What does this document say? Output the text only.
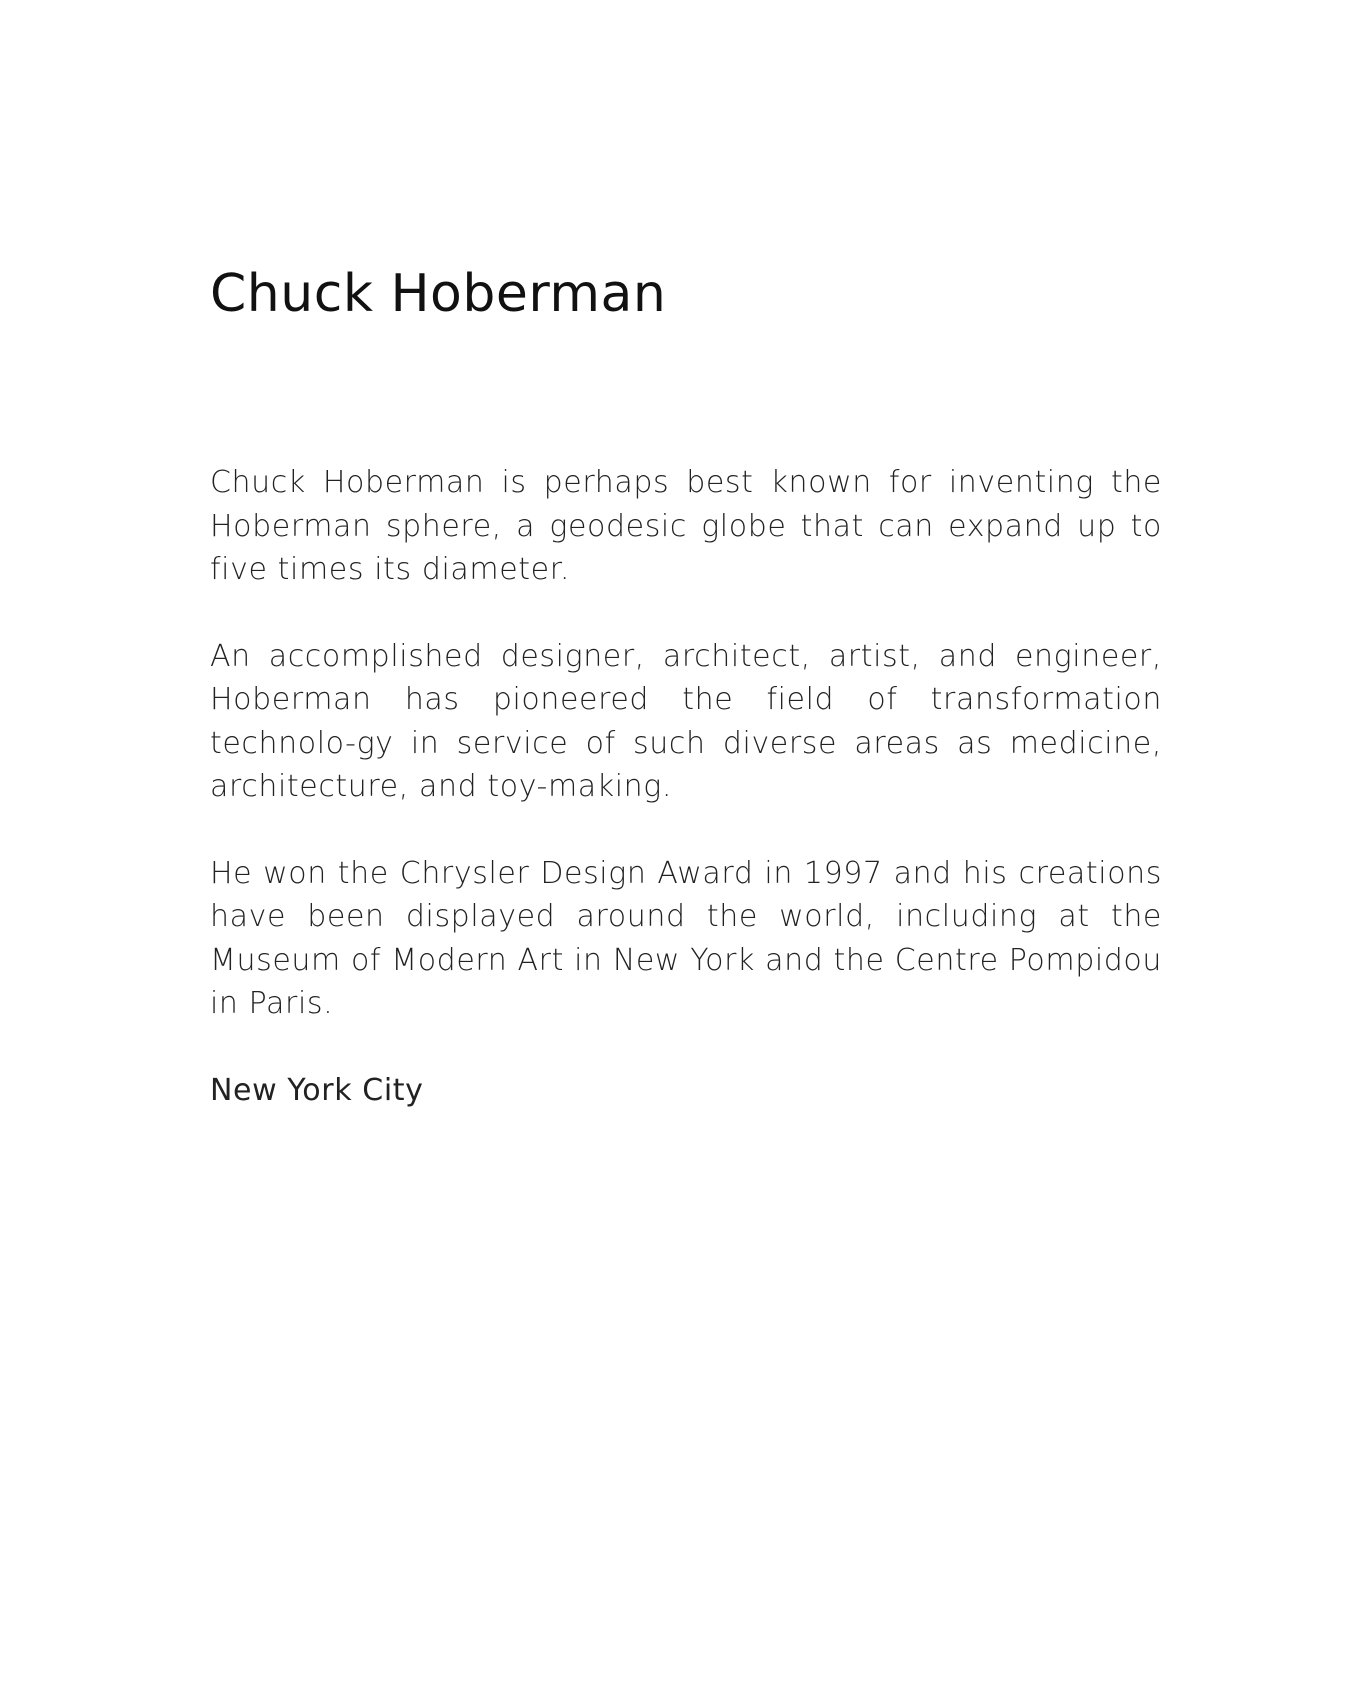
Chuck Hoberman

Chuck Hoberman is perhaps best known for inventing the Hoberman sphere, a geodesic globe that can expand up to five times its diameter.

An accomplished designer, architect, artist, and engineer, Hoberman has pioneered the field of transformation technolo-gy in service of such diverse areas as medicine, architecture, and toy-making.

He won the Chrysler Design Award in 1997 and his creations have been displayed around the world, including at the Museum of Modern Art in New York and the Centre Pompidou in Paris.

New York City
